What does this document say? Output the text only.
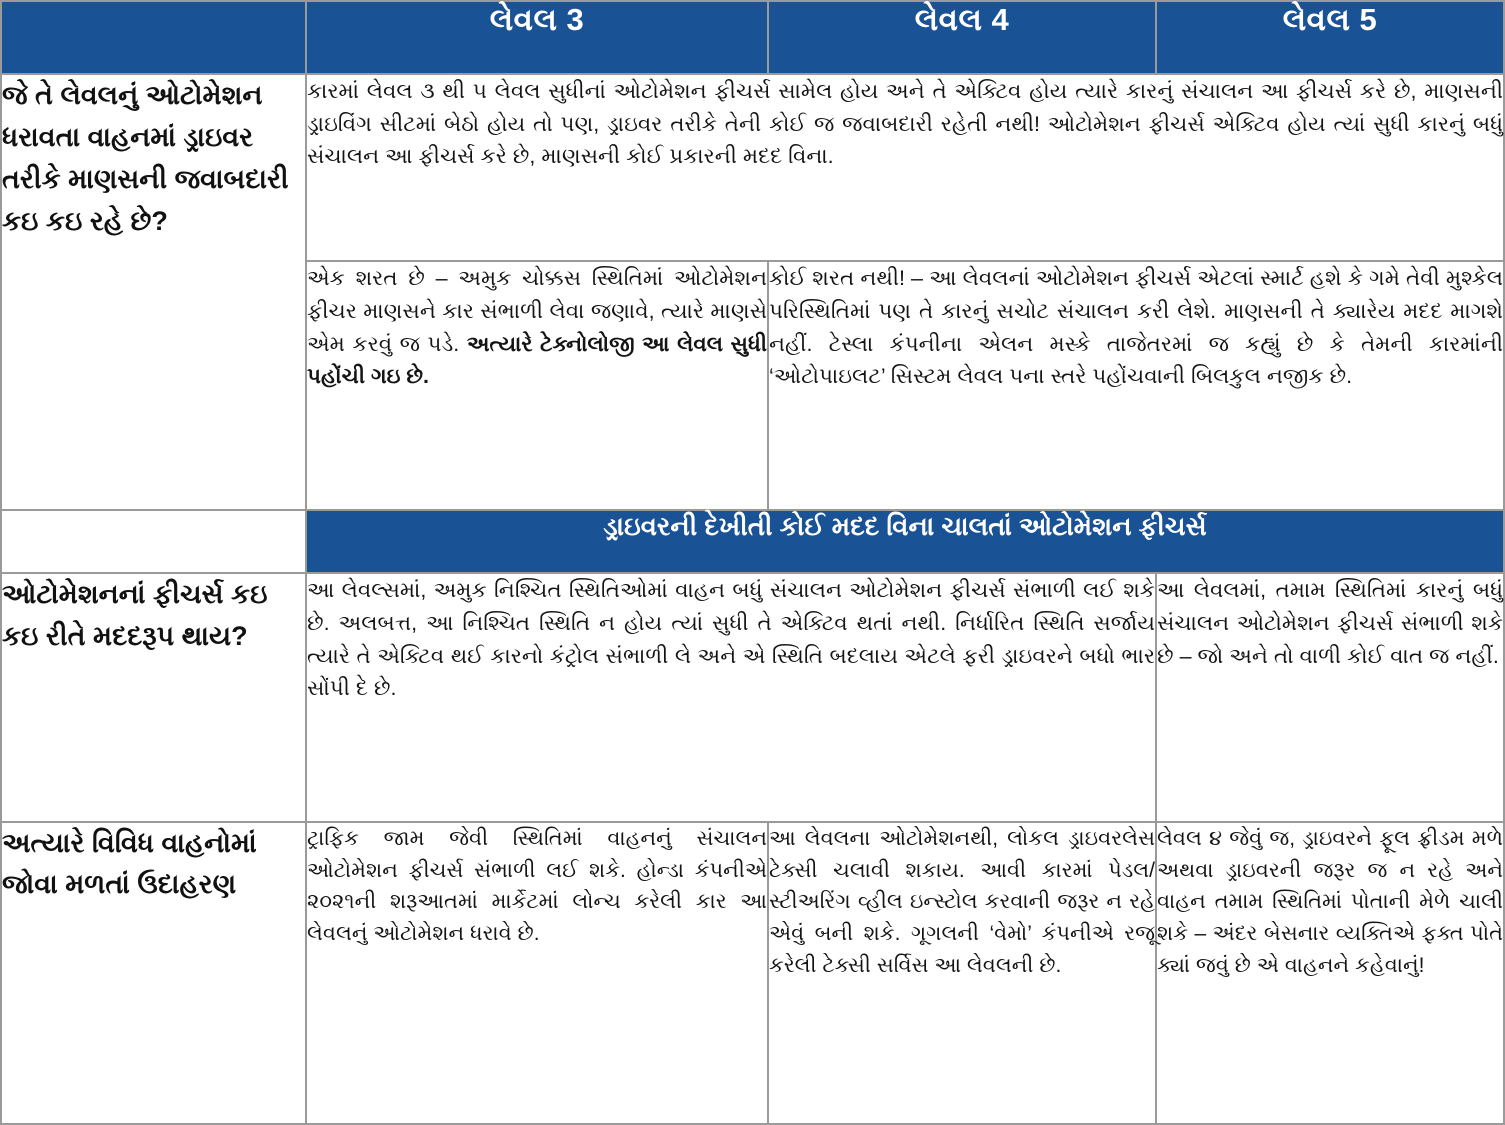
	લેવલ 3	લેવલ 4	લેવલ 5
જે તે લેવલનું ઓટોમેશન ધરાવતા વાહનમાં ડ્રાઇવર તરીકે માણસની જવાબદારી કઇ કઇ રહે છે?	કારમાં લેવલ ૩ થી ૫ લેવલ સુધીનાં ઓટોમેશન ફીચર્સ સામેલ હોય અને તે એક્ટિવ હોય ત્યારે કારનું સંચાલન આ ફીચર્સ કરે છે, માણસની ડ્રાઇવિંગ સીટમાં બેઠો હોય તો પણ, ડ્રાઇવર તરીકે તેની કોઈ જ જવાબદારી રહેતી નથી! ઓટોમેશન ફીચર્સ એક્ટિવ હોય ત્યાં સુધી કારનું બધું સંચાલન આ ફીચર્સ કરે છે, માણસની કોઈ પ્રકારની મદદ વિના.		
	એક શરત છે – અમુક ચોક્કસ સ્થિતિમાં ઓટોમેશન ફીચર માણસને કાર સંભાળી લેવા જણાવે, ત્યારે માણસે એમ કરવું જ પડે. અત્યારે ટેક્નોલોજી આ લેવલ સુધી પહોંચી ગઇ છે.	કોઈ શરત નથી! – આ લેવલનાં ઓટોમેશન ફીચર્સ એટલાં સ્માર્ટ હશે કે ગમે તેવી મુશ્કેલ પરિસ્થિતિમાં પણ તે કારનું સચોટ સંચાલન કરી લેશે. માણસની તે ક્યારેય મદદ માગશે નહીં. ટેસ્લા કંપનીના એલન મસ્કે તાજેતરમાં જ કહ્યું છે કે તેમની કારમાંની ‘ઓટોપાઇલટ’ સિસ્ટમ લેવલ પના સ્તરે પહોંચવાની બિલકુલ નજીક છે.	
	ડ્રાઇવરની દેખીતી કોઈ મદદ વિના ચાલતાં ઓટોમેશન ફીચર્સ		
ઓટોમેશનનાં ફીચર્સ કઇ કઇ રીતે મદદરૂપ થાય?	આ લેવલ્સમાં, અમુક નિશ્ચિત સ્થિતિઓમાં વાહન બધું સંચાલન ઓટોમેશન ફીચર્સ સંભાળી લઈ શકે છે. અલબત્ત, આ નિશ્ચિત સ્થિતિ ન હોય ત્યાં સુધી તે એક્ટિવ થતાં નથી. નિર્ધારિત સ્થિતિ સર્જાય ત્યારે તે એક્ટિવ થઈ કારનો કંટ્રોલ સંભાળી લે અને એ સ્થિતિ બદલાય એટલે ફરી ડ્રાઇવરને બધો ભાર સોંપી દે છે.		આ લેવલમાં, તમામ સ્થિતિમાં કારનું બધું સંચાલન ઓટોમેશન ફીચર્સ સંભાળી શકે છે – જો અને તો વાળી કોઈ વાત જ નહીં.
અત્યારે વિવિધ વાહનોમાં જોવા મળતાં ઉદાહરણ	ટ્રાફિક જામ જેવી સ્થિતિમાં વાહનનું સંચાલન ઓટોમેશન ફીચર્સ સંભાળી લઈ શકે. હોન્ડા કંપનીએ ૨૦૨૧ની શરૂઆતમાં માર્કેટમાં લોન્ચ કરેલી કાર આ લેવલનું ઓટોમેશન ધરાવે છે.	આ લેવલના ઓટોમેશનથી, લોકલ ડ્રાઇવરલેસ ટેક્સી ચલાવી શકાય. આવી કારમાં પેડલ/સ્ટીઅરિંગ વ્હીલ ઇન્સ્ટોલ કરવાની જરૂર ન રહે એવું બની શકે. ગૂગલની ‘વેમો’ કંપનીએ રજૂ કરેલી ટેક્સી સર્વિસ આ લેવલની છે.	લેવલ ૪ જેવું જ, ડ્રાઇવરને ફૂલ ફ્રીડમ મળે અથવા ડ્રાઇવરની જરૂર જ ન રહે અને વાહન તમામ સ્થિતિમાં પોતાની મેળે ચાલી શકે – અંદર બેસનાર વ્યક્તિએ ફક્ત પોતે ક્યાં જવું છે એ વાહનને કહેવાનું!
